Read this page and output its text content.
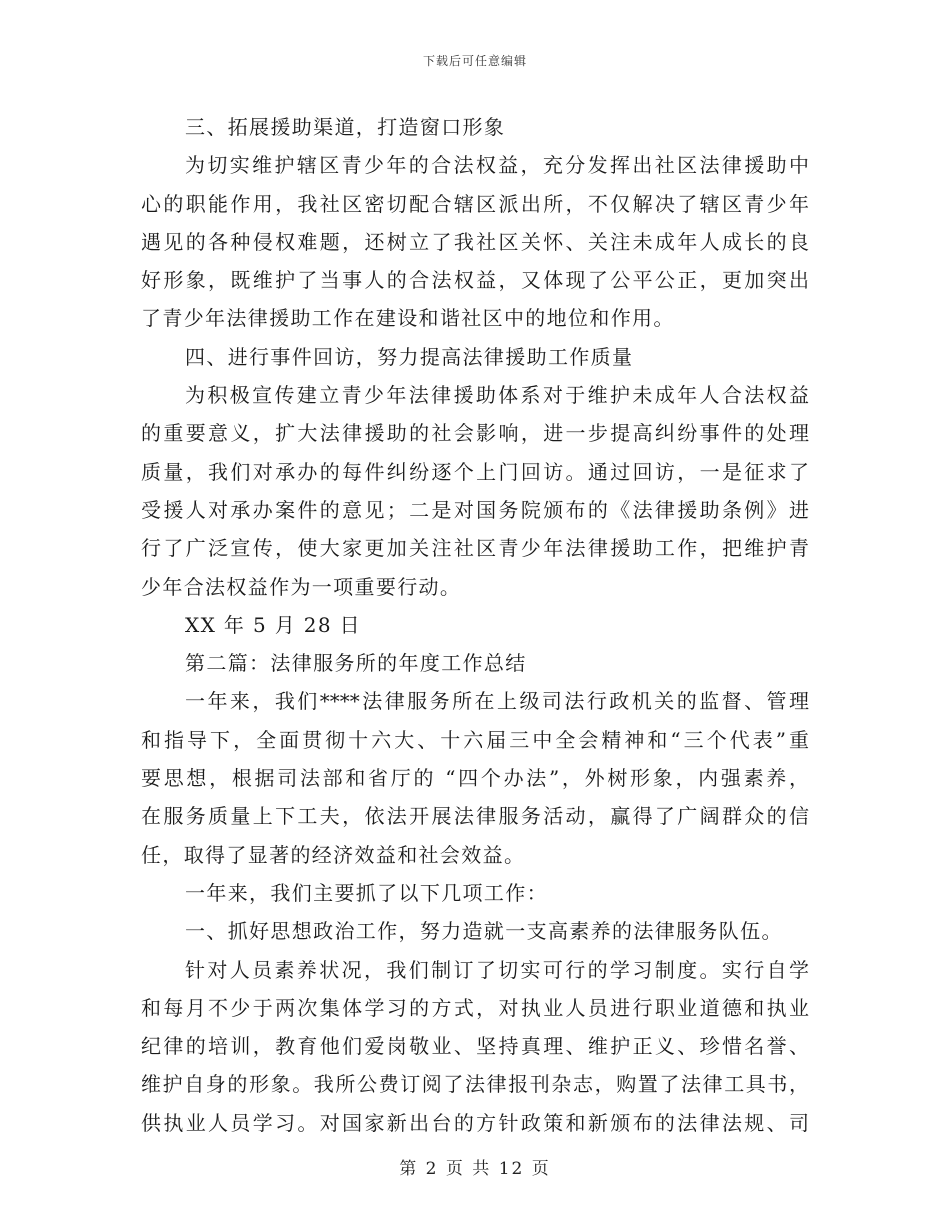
下载后可任意编辑
三、拓展援助渠道，打造窗口形象
为切实维护辖区青少年的合法权益，充分发挥出社区法律援助中
心的职能作用，我社区密切配合辖区派出所，不仅解决了辖区青少年
遇见的各种侵权难题，还树立了我社区关怀、关注未成年人成长的良
好形象，既维护了当事人的合法权益，又体现了公平公正，更加突出
了青少年法律援助工作在建设和谐社区中的地位和作用。
四、进行事件回访，努力提高法律援助工作质量
为积极宣传建立青少年法律援助体系对于维护未成年人合法权益
的重要意义，扩大法律援助的社会影响，进一步提高纠纷事件的处理
质量，我们对承办的每件纠纷逐个上门回访。通过回访，一是征求了
受援人对承办案件的意见；二是对国务院颁布的《法律援助条例》进
行了广泛宣传，使大家更加关注社区青少年法律援助工作，把维护青
少年合法权益作为一项重要行动。
XX 年 5 月 28 日
第二篇：法律服务所的年度工作总结
一年来，我们****法律服务所在上级司法行政机关的监督、管理
和指导下，全面贯彻十六大、十六届三中全会精神和“三个代表”重
要思想，根据司法部和省厅的 “四个办法”，外树形象，内强素养，
在服务质量上下工夫，依法开展法律服务活动，赢得了广阔群众的信
任，取得了显著的经济效益和社会效益。
一年来，我们主要抓了以下几项工作：
一、抓好思想政治工作，努力造就一支高素养的法律服务队伍。
针对人员素养状况，我们制订了切实可行的学习制度。实行自学
和每月不少于两次集体学习的方式，对执业人员进行职业道德和执业
纪律的培训，教育他们爱岗敬业、坚持真理、维护正义、珍惜名誉、
维护自身的形象。我所公费订阅了法律报刊杂志，购置了法律工具书，
供执业人员学习。对国家新出台的方针政策和新颁布的法律法规、司
第 2 页 共 12 页
